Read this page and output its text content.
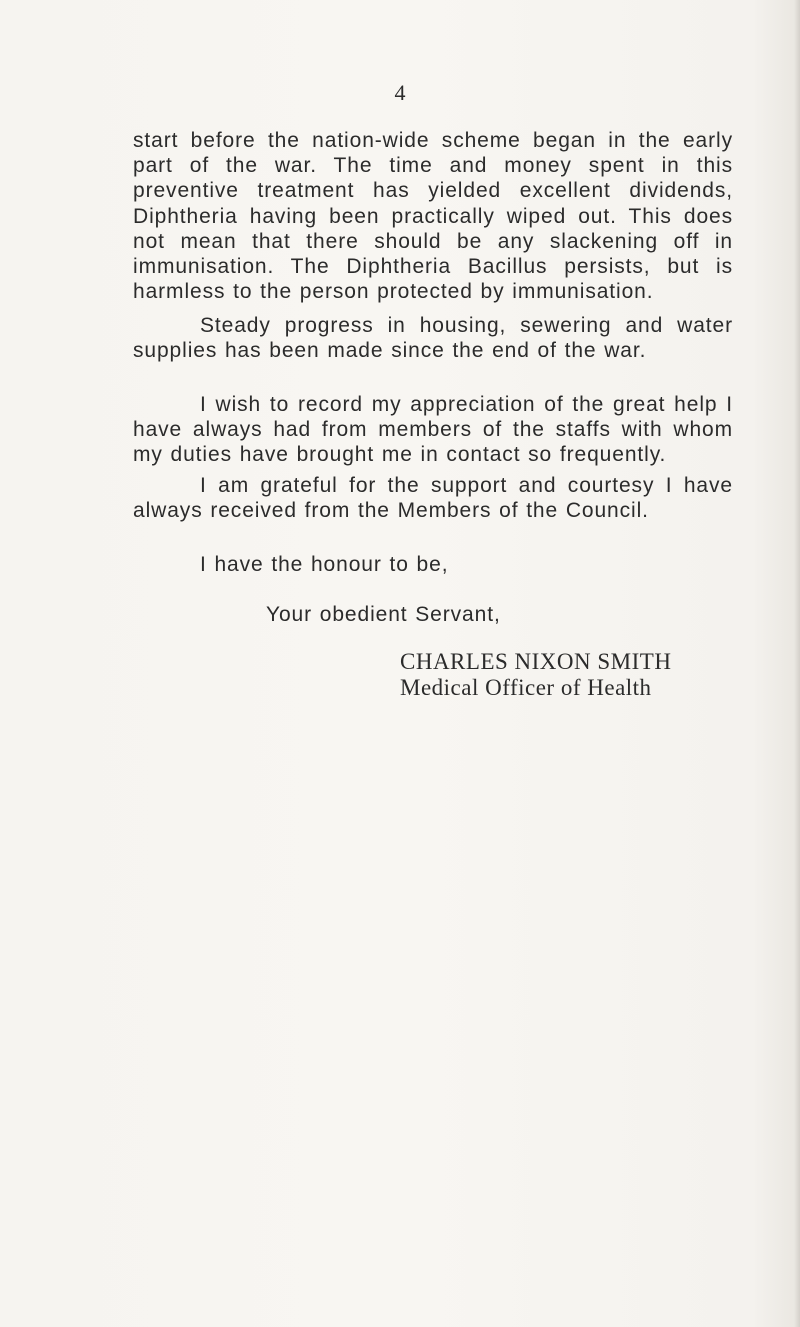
4

start before the nation-wide scheme began in the early part of the war. The time and money spent in this preventive treatment has yielded excellent dividends, Diphtheria having been practically wiped out. This does not mean that there should be any slackening off in immunisation. The Diphtheria Bacillus persists, but is harmless to the person protected by immunisation.

Steady progress in housing, sewering and water supplies has been made since the end of the war.

I wish to record my appreciation of the great help I have always had from members of the staffs with whom my duties have brought me in contact so frequently.

I am grateful for the support and courtesy I have always received from the Members of the Council.

I have the honour to be,

Your obedient Servant,

CHARLES NIXON SMITH

Medical Officer of Health
